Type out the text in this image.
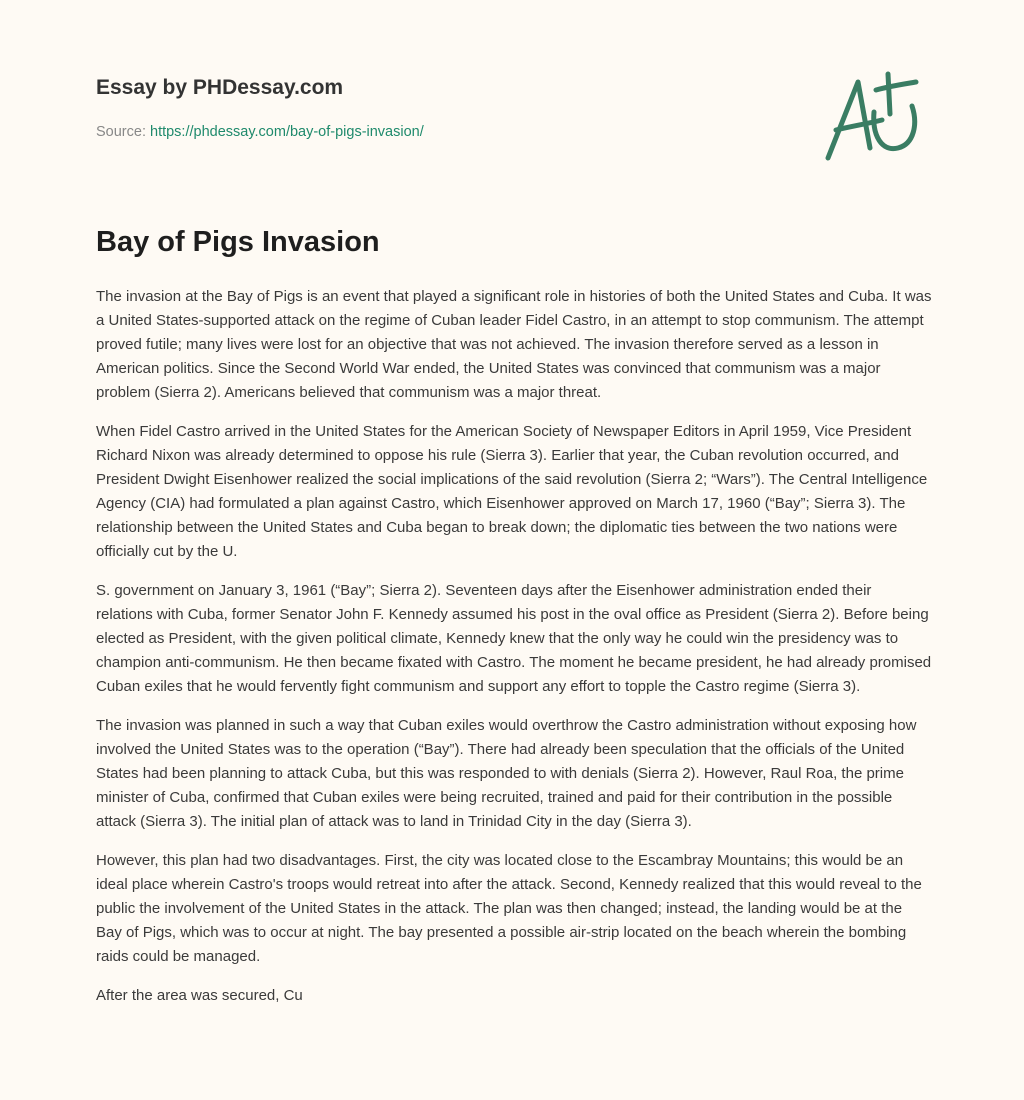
Essay by PHDessay.com
Source: https://phdessay.com/bay-of-pigs-invasion/
Bay of Pigs Invasion

The invasion at the Bay of Pigs is an event that played a significant role in histories of both the United States and Cuba. It was a United States-supported attack on the regime of Cuban leader Fidel Castro, in an attempt to stop communism. The attempt proved futile; many lives were lost for an objective that was not achieved. The invasion therefore served as a lesson in American politics. Since the Second World War ended, the United States was convinced that communism was a major problem (Sierra 2). Americans believed that communism was a major threat.

When Fidel Castro arrived in the United States for the American Society of Newspaper Editors in April 1959, Vice President Richard Nixon was already determined to oppose his rule (Sierra 3). Earlier that year, the Cuban revolution occurred, and President Dwight Eisenhower realized the social implications of the said revolution (Sierra 2; “Wars”). The Central Intelligence Agency (CIA) had formulated a plan against Castro, which Eisenhower approved on March 17, 1960 (“Bay”; Sierra 3). The relationship between the United States and Cuba began to break down; the diplomatic ties between the two nations were officially cut by the U.

S. government on January 3, 1961 (“Bay”; Sierra 2). Seventeen days after the Eisenhower administration ended their relations with Cuba, former Senator John F. Kennedy assumed his post in the oval office as President (Sierra 2). Before being elected as President, with the given political climate, Kennedy knew that the only way he could win the presidency was to champion anti-communism. He then became fixated with Castro. The moment he became president, he had already promised Cuban exiles that he would fervently fight communism and support any effort to topple the Castro regime (Sierra 3).

The invasion was planned in such a way that Cuban exiles would overthrow the Castro administration without exposing how involved the United States was to the operation (“Bay”). There had already been speculation that the officials of the United States had been planning to attack Cuba, but this was responded to with denials (Sierra 2). However, Raul Roa, the prime minister of Cuba, confirmed that Cuban exiles were being recruited, trained and paid for their contribution in the possible attack (Sierra 3). The initial plan of attack was to land in Trinidad City in the day (Sierra 3).

However, this plan had two disadvantages. First, the city was located close to the Escambray Mountains; this would be an ideal place wherein Castro's troops would retreat into after the attack. Second, Kennedy realized that this would reveal to the public the involvement of the United States in the attack. The plan was then changed; instead, the landing would be at the Bay of Pigs, which was to occur at night. The bay presented a possible air-strip located on the beach wherein the bombing raids could be managed.

After the area was secured, Cu
